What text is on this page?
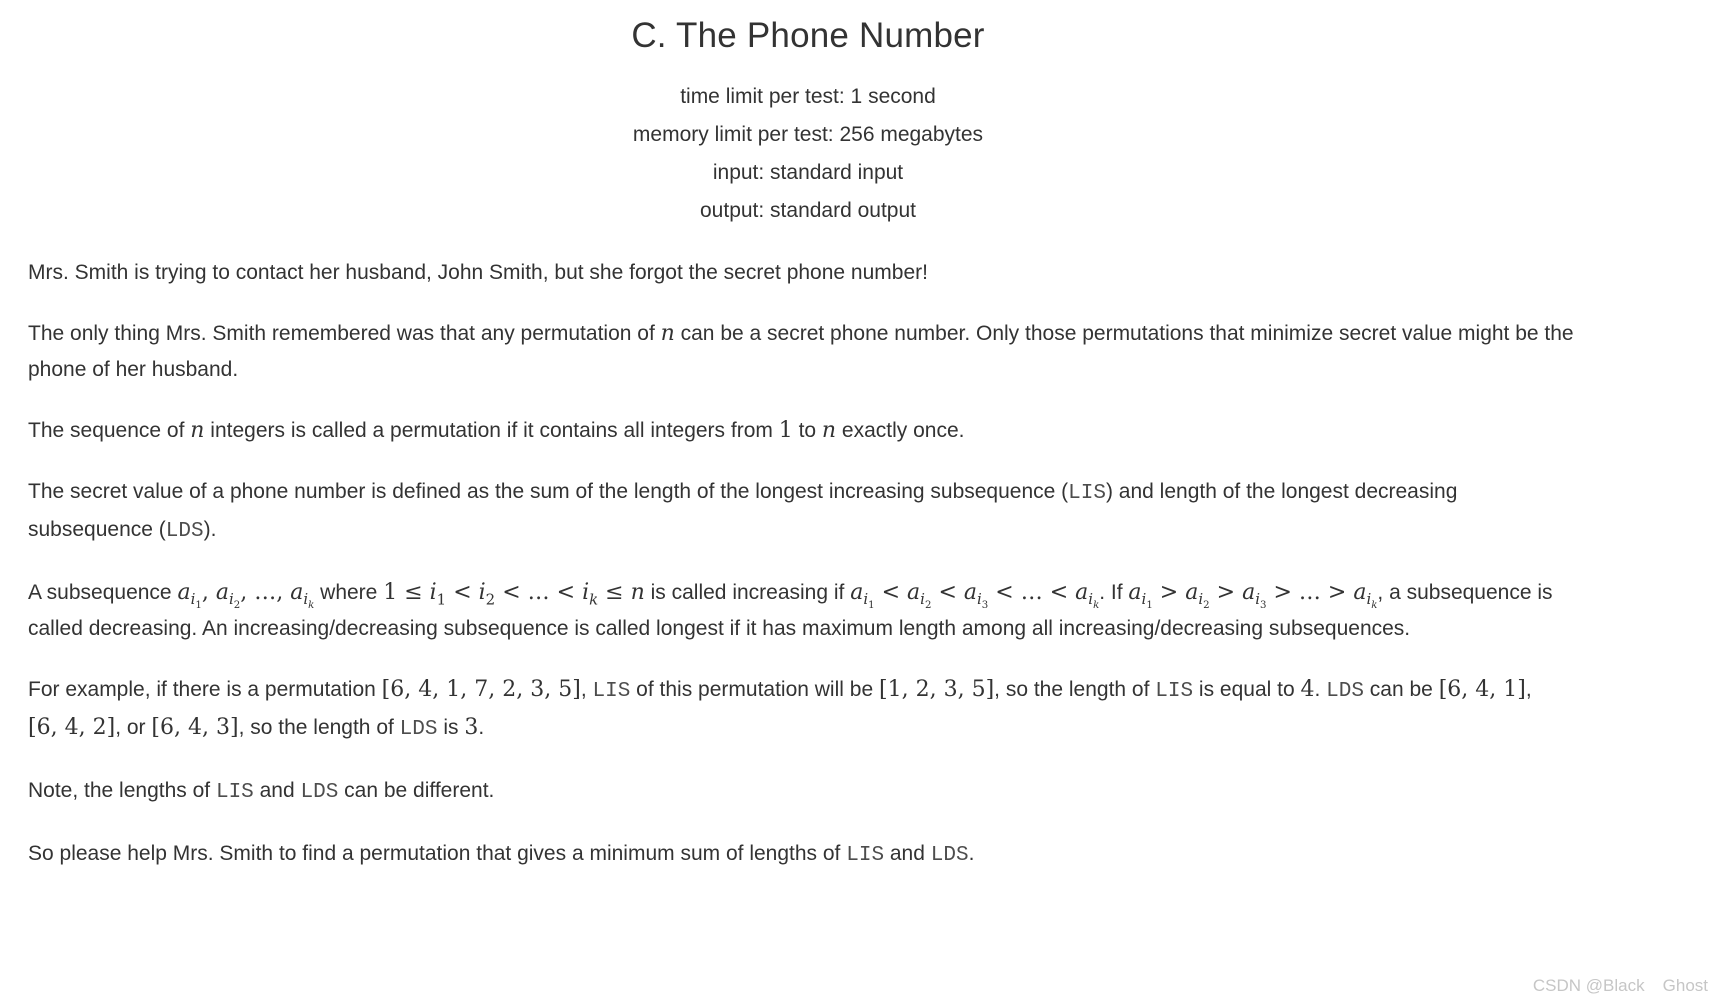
C. The Phone Number
time limit per test: 1 second
memory limit per test: 256 megabytes
input: standard input
output: standard output

Mrs. Smith is trying to contact her husband, John Smith, but she forgot the secret phone number!

The only thing Mrs. Smith remembered was that any permutation of n can be a secret phone number. Only those permutations that minimize secret value might be the phone of her husband.

The sequence of n integers is called a permutation if it contains all integers from 1 to n exactly once.

The secret value of a phone number is defined as the sum of the length of the longest increasing subsequence (LIS) and length of the longest decreasing subsequence (LDS).

A subsequence $a_{i_1}$, $a_{i_2}$, …, $a_{i_k}$ where $1 \le i_1 < i_2$ < … < $i_k \le n$ is called increasing if $a_{i_1} < a_{i_2} < a_{i_3}$ < … < $a_{i_k}$. If $a_{i_1} > a_{i_2} > a_{i_3}$ > … > $a_{i_k}$, a subsequence is called decreasing. An increasing/decreasing subsequence is called longest if it has maximum length among all increasing/decreasing subsequences.

For example, if there is a permutation [6, 4, 1, 7, 2, 3, 5], LIS of this permutation will be [1, 2, 3, 5], so the length of LIS is equal to 4. LDS can be [6, 4, 1], [6, 4, 2], or [6, 4, 3], so the length of LDS is 3.

Note, the lengths of LIS and LDS can be different.

So please help Mrs. Smith to find a permutation that gives a minimum sum of lengths of LIS and LDS.

CSDN @Black Ghost
